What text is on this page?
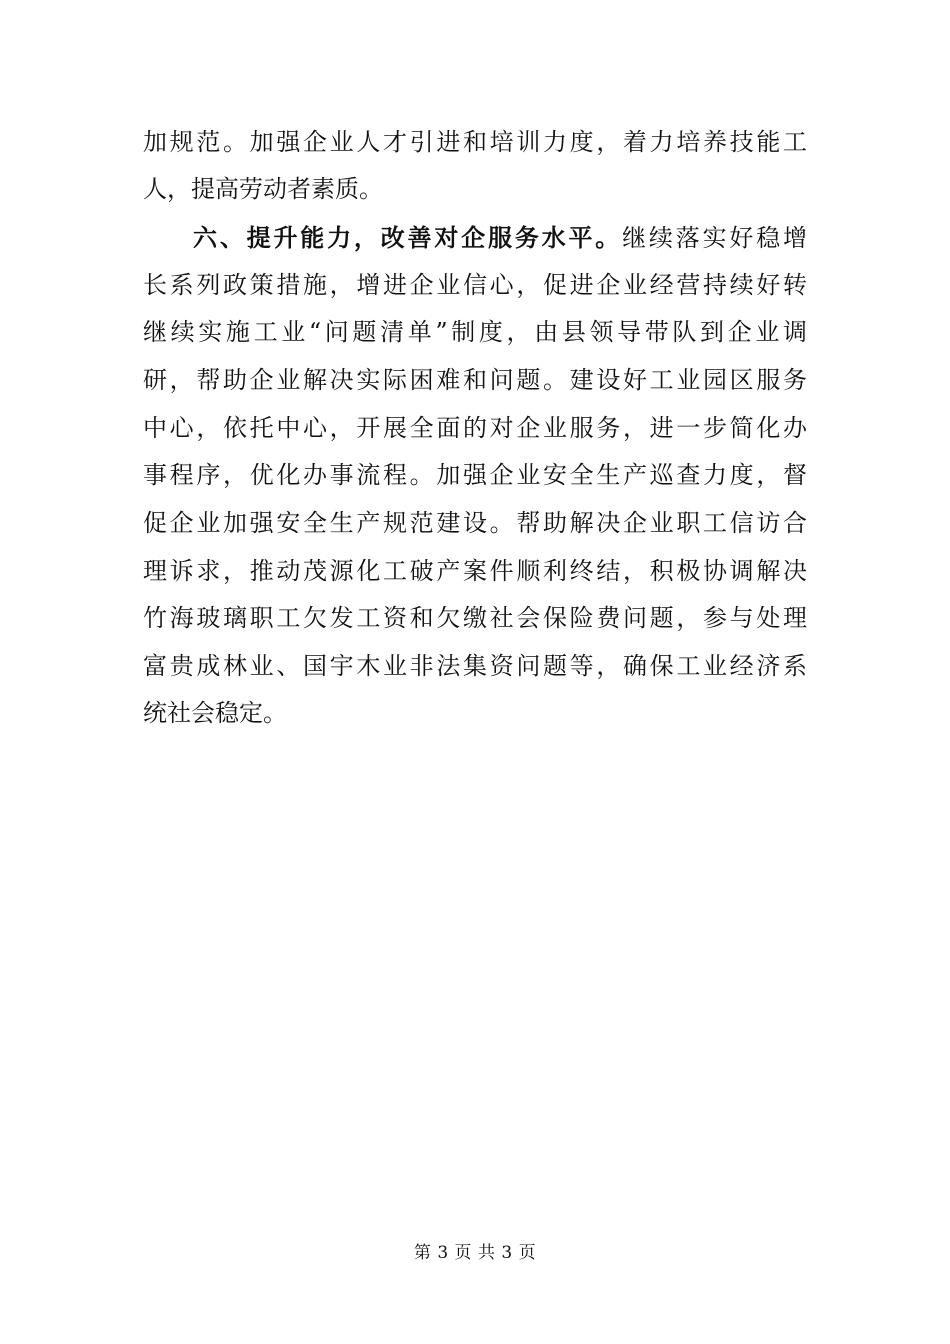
加规范。加强企业人才引进和培训力度，着力培养技能工
人，提高劳动者素质。
六、提升能力，改善对企服务水平。继续落实好稳增
长系列政策措施，增进企业信心，促进企业经营持续好转
继续实施工业“问题清单”制度，由县领导带队到企业调
研，帮助企业解决实际困难和问题。建设好工业园区服务
中心，依托中心，开展全面的对企业服务，进一步简化办
事程序，优化办事流程。加强企业安全生产巡查力度，督
促企业加强安全生产规范建设。帮助解决企业职工信访合
理诉求，推动茂源化工破产案件顺利终结，积极协调解决
竹海玻璃职工欠发工资和欠缴社会保险费问题，参与处理
富贵成林业、国宇木业非法集资问题等，确保工业经济系
统社会稳定。
第 3 页 共 3 页
